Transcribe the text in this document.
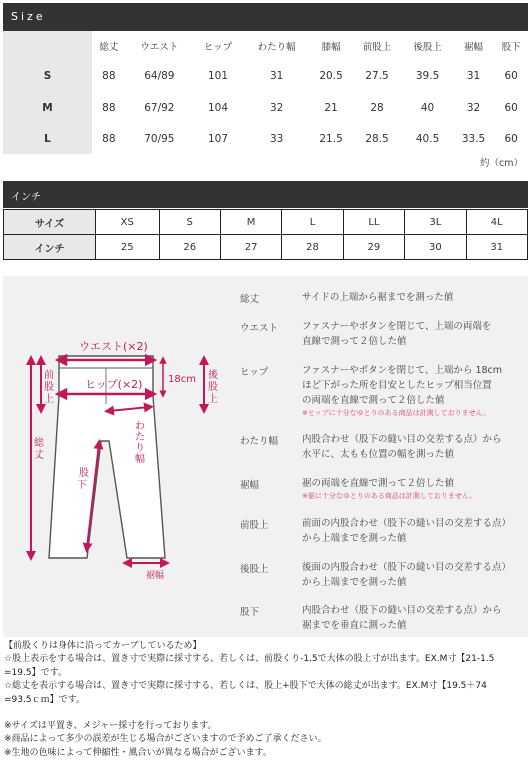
Size
	総丈	ウエスト	ヒップ	わたり幅	膝幅	前股上	後股上	裾幅	股下
S	88	64/89	101	31	20.5	27.5	39.5	31	60
M	88	67/92	104	32	21	28	40	32	60
L	88	70/95	107	33	21.5	28.5	40.5	33.5	60
約（cm）
インチ
サイズ	XS	S	M	L	LL	3L	4L
インチ	25	26	27	28	29	30	31
ウエスト(×2)
ヒップ(×2)	18cm
前
股
上
後
股
上
総
丈
わ
た
り
幅
股
下
裾幅
総丈	サイドの上端から裾までを測った値
ウエスト	ファスナーやボタンを閉じて、上端の両端を
直線で測って２倍した値
ヒップ	ファスナーやボタンを閉じて、上端から 18cm
ほど下がった所を目安としたヒップ相当位置
の両端を直線で測って２倍した値
※ヒップに十分なゆとりのある商品は計測しておりません。
わたり幅	内股合わせ（股下の縫い目の交差する点）から
水平に、太もも位置の幅を測った値
裾幅	裾の両端を直線で測って２倍した値
※裾に十分なゆとりのある商品は計測しておりません。
前股上	前面の内股合わせ（股下の縫い目の交差する点）
から上端までを測った値
後股上	後面の内股合わせ（股下の縫い目の交差する点）
から上端までを測った値
股下	内股合わせ（股下の縫い目の交差する点）から
裾までを垂直に測った値
【前股くりは身体に沿ってカーブしているため】
☆股上表示をする場合は、置き寸で実際に採寸する、若しくは、前股くり-1.5で大体の股上寸が出ます。EX.M寸【21-1.5
=19.5】です。
☆総丈を表示する場合は、置き寸で実際に採寸する、若しくは、股上+股下で大体の総丈が出ます。EX.M寸【19.5＋74
=93.5ｃｍ】です。
※サイズは平置き、メジャー採寸を行っております。
※商品によって多少の誤差が生じる場合がございますので予めご了承ください。
※生地の色味によって伸縮性・風合いが異なる場合がございます。
